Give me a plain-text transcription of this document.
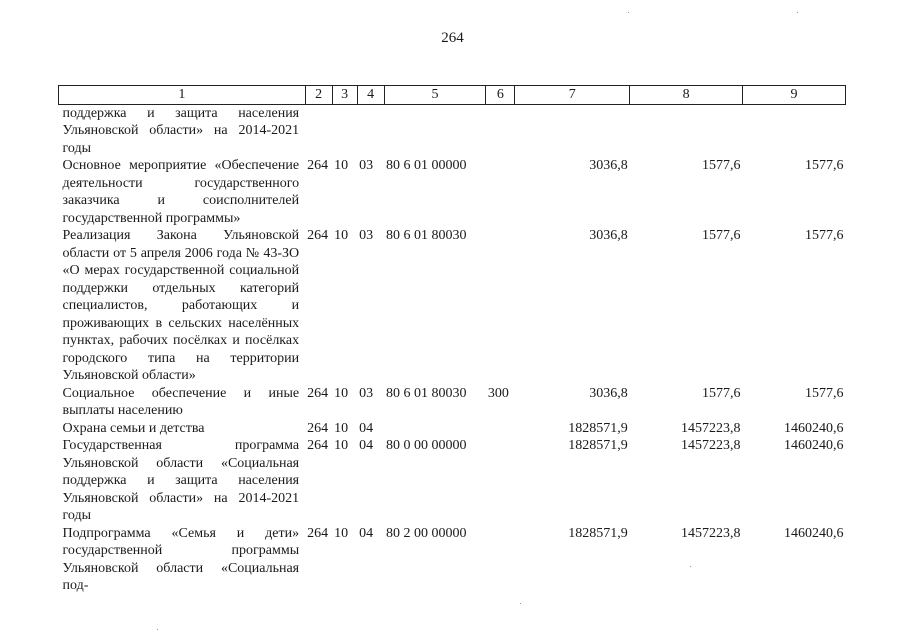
264
1	2	3	4	5	6	7	8	9
поддержка и защита населения Ульяновской области» на 2014-2021 годы								
Основное мероприятие «Обеспечение деятельности государственного заказчика и соисполнителей государственной программы»	264	10	03	80 6 01 00000		3036,8	1577,6	1577,6
Реализация Закона Ульяновской области от 5 апреля 2006 года № 43-ЗО «О мерах государственной социальной поддержки отдельных категорий специалистов, работающих и проживающих в сельских населённых пунктах, рабочих посёлках и посёлках городского типа на территории Ульяновской области»	264	10	03	80 6 01 80030		3036,8	1577,6	1577,6
Социальное обеспечение и иные выплаты населению	264	10	03	80 6 01 80030	300	3036,8	1577,6	1577,6
Охрана семьи и детства	264	10	04			1828571,9	1457223,8	1460240,6
Государственная программа Ульяновской области «Социальная поддержка и защита населения Ульяновской области» на 2014-2021 годы	264	10	04	80 0 00 00000		1828571,9	1457223,8	1460240,6
Подпрограмма «Семья и дети» государственной программы Ульяновской области «Социальная под-	264	10	04	80 2 00 00000		1828571,9	1457223,8	1460240,6
